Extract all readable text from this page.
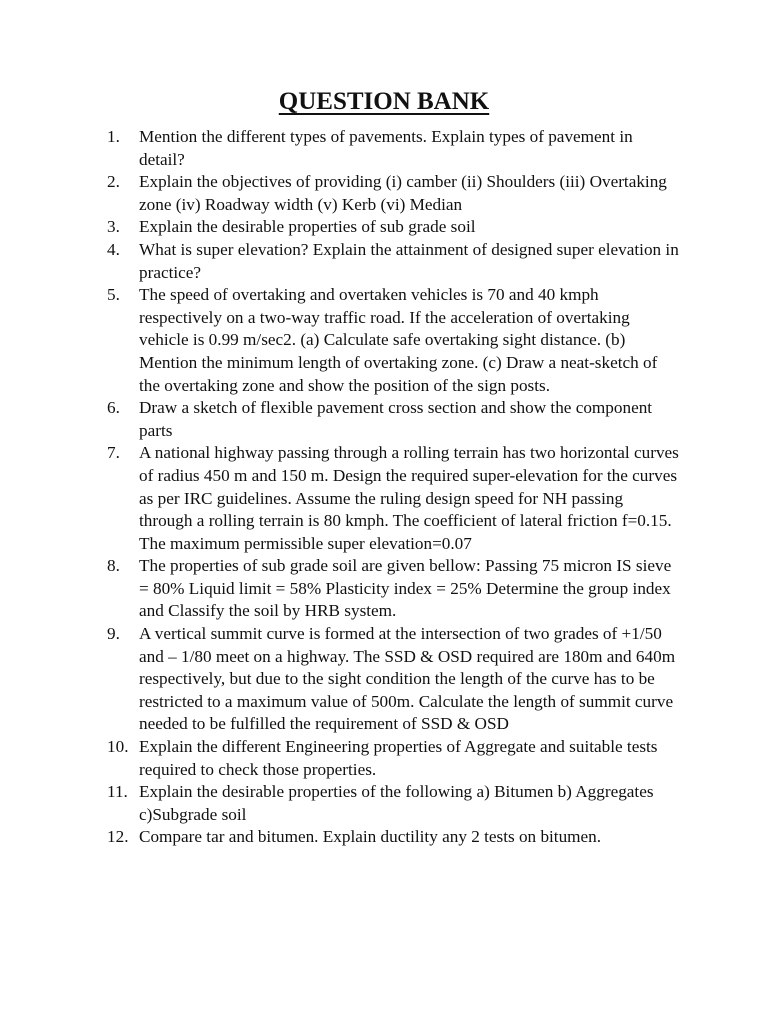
QUESTION BANK
1.	Mention the different types of pavements. Explain types of pavement in detail?
2.	Explain the objectives of providing (i) camber (ii) Shoulders (iii) Overtaking zone (iv) Roadway width (v) Kerb (vi) Median
3.	Explain the desirable properties of sub grade soil
4.	What is super elevation? Explain the attainment of designed super elevation in practice?
5.	The speed of overtaking and overtaken vehicles is 70 and 40 kmph respectively on a two-way traffic road. If the acceleration of overtaking vehicle is 0.99 m/sec2. (a) Calculate safe overtaking sight distance. (b) Mention the minimum length of overtaking zone. (c) Draw a neat-sketch of the overtaking zone and show the position of the sign posts.
6.	Draw a sketch of flexible pavement cross section and show the component parts
7.	A national highway passing through a rolling terrain has two horizontal curves of radius 450 m and 150 m. Design the required super-elevation for the curves as per IRC guidelines. Assume the ruling design speed for NH passing through a rolling terrain is 80 kmph. The coefficient of lateral friction f=0.15. The maximum permissible super elevation=0.07
8.	The properties of sub grade soil are given bellow: Passing 75 micron IS sieve = 80% Liquid limit = 58% Plasticity index = 25% Determine the group index and Classify the soil by HRB system.
9.	A vertical summit curve is formed at the intersection of two grades of +1/50 and – 1/80 meet on a highway. The SSD & OSD required are 180m and 640m respectively, but due to the sight condition the length of the curve has to be restricted to a maximum value of 500m. Calculate the length of summit curve needed to be fulfilled the requirement of SSD & OSD
10. Explain the different Engineering properties of Aggregate and suitable tests required to check those properties.
11. Explain the desirable properties of the following a) Bitumen b) Aggregates c)Subgrade soil
12. Compare tar and bitumen. Explain ductility any 2 tests on bitumen.
